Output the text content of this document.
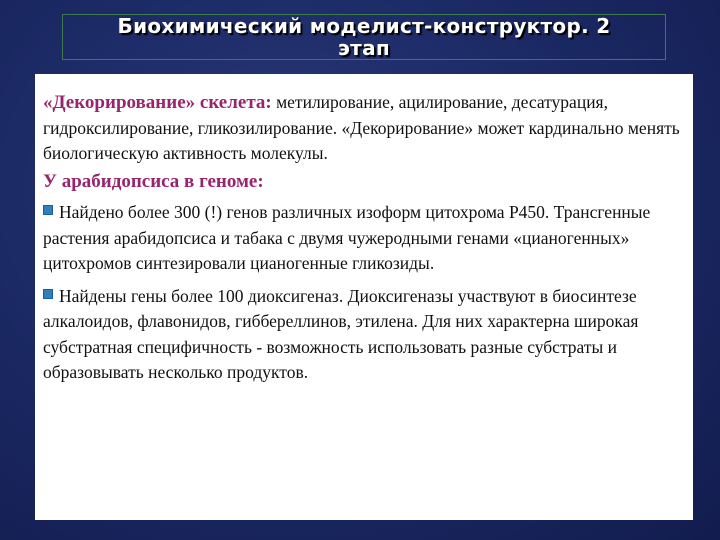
Биохимический моделист-конструктор. 2
этап

«Декорирование» скелета: метилирование, ацилирование, десатурация, гидроксилирование, гликозилирование. «Декорирование» может кардинально менять биологическую активность молекулы.

У арабидопсиса в геноме:

Найдено более 300 (!) генов различных изоформ цитохрома Р450. Трансгенные растения арабидопсиса и табака с двумя чужеродными генами «цианогенных» цитохромов синтезировали цианогенные гликозиды.

Найдены гены более 100 диоксигеназ. Диоксигеназы участвуют в биосинтезе алкалоидов, флавонидов, гиббереллинов, этилена. Для них характерна широкая субстратная специфичность - возможность использовать разные субстраты и образовывать несколько продуктов.
